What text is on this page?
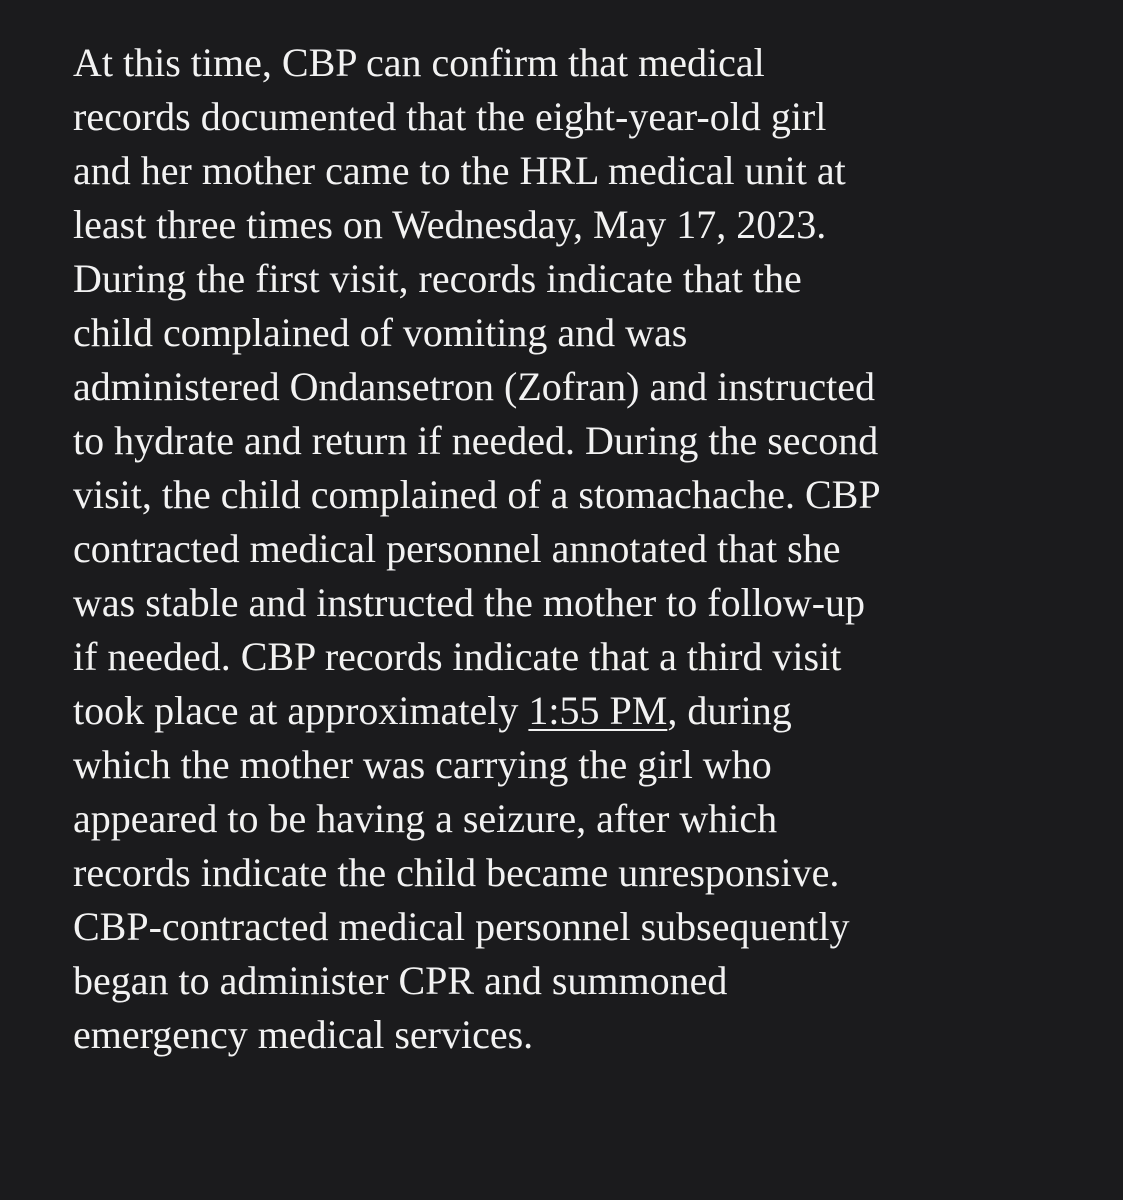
At this time, CBP can confirm that medical
records documented that the eight-year-old girl
and her mother came to the HRL medical unit at
least three times on Wednesday, May 17, 2023.
During the first visit, records indicate that the
child complained of vomiting and was
administered Ondansetron (Zofran) and instructed
to hydrate and return if needed. During the second
visit, the child complained of a stomachache. CBP
contracted medical personnel annotated that she
was stable and instructed the mother to follow-up
if needed. CBP records indicate that a third visit
took place at approximately 1:55 PM, during
which the mother was carrying the girl who
appeared to be having a seizure, after which
records indicate the child became unresponsive.
CBP-contracted medical personnel subsequently
began to administer CPR and summoned
emergency medical services.
